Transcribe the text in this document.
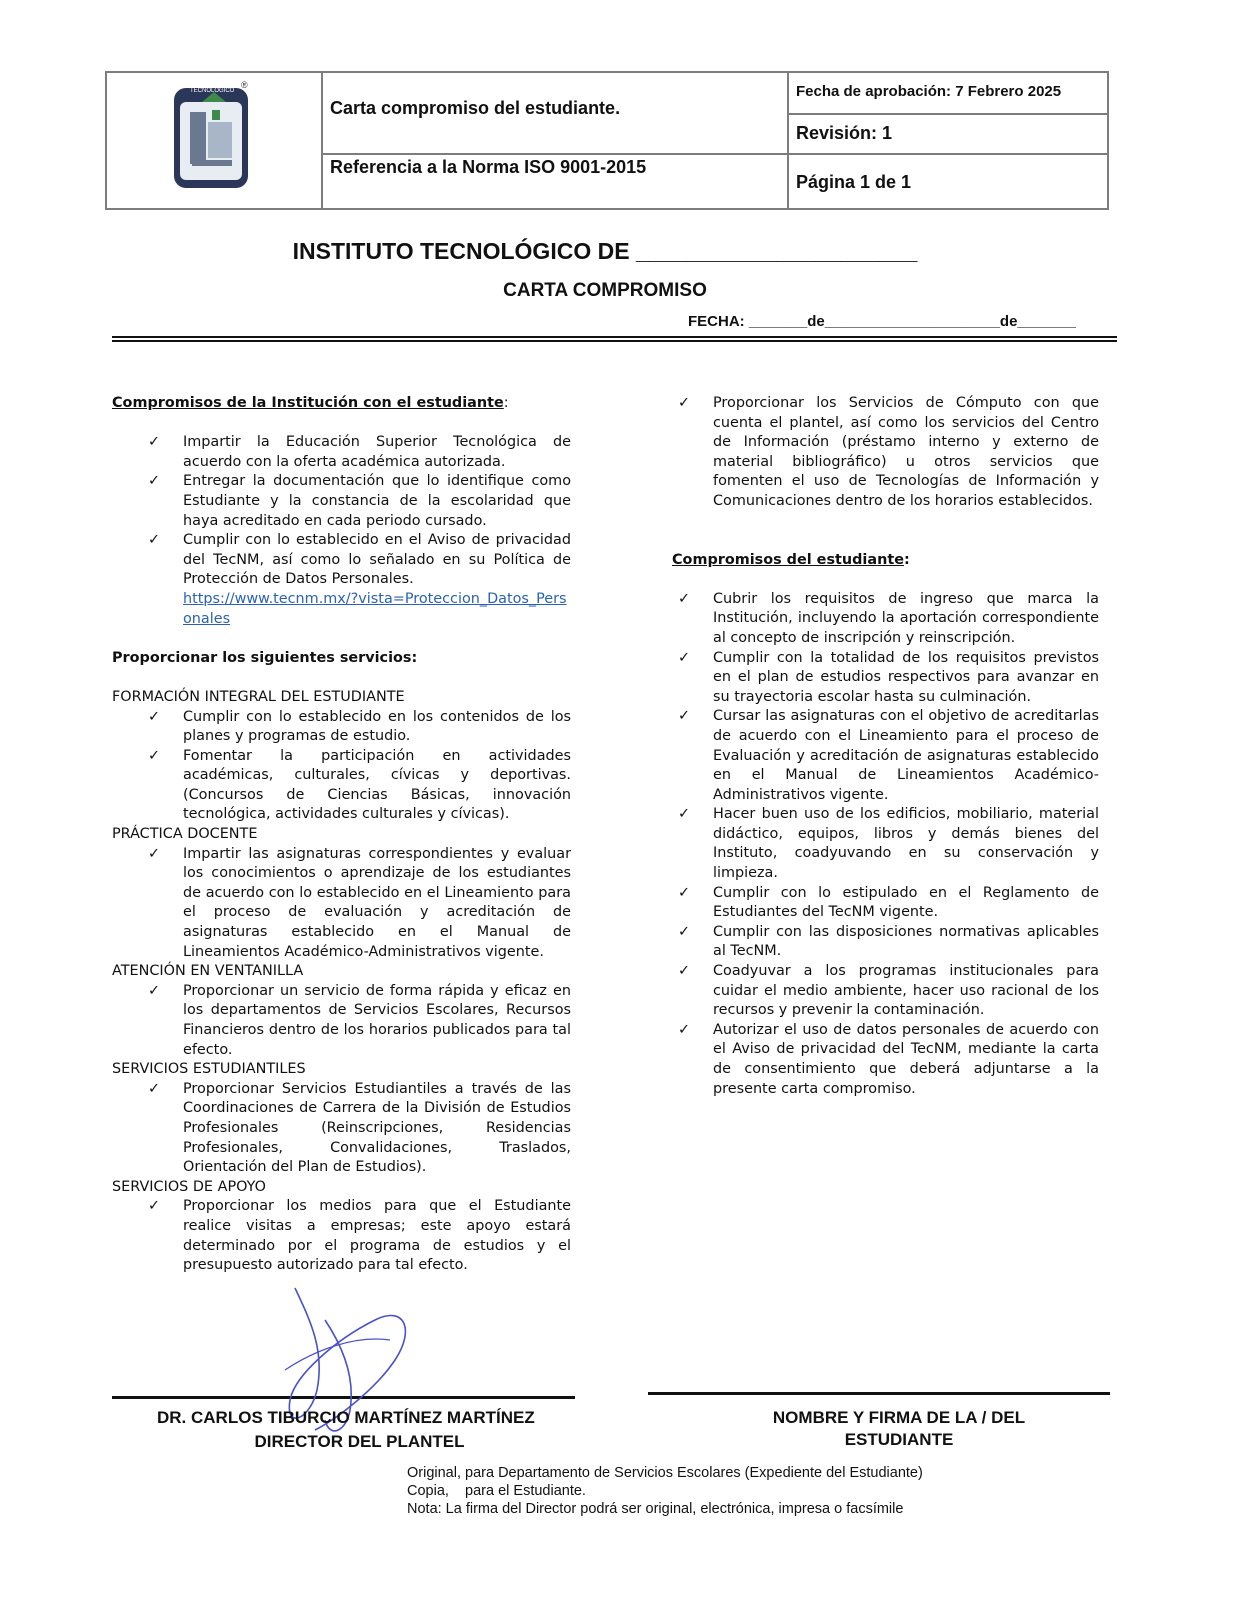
TECNOLÓGICO
®
Carta compromiso del estudiante.
Referencia a la Norma ISO 9001-2015
Fecha de aprobación: 7 Febrero 2025
Revisión: 1
Página 1 de 1
INSTITUTO TECNOLÓGICO DE ______________________
CARTA COMPROMISO
FECHA: _______de_____________________de_______
Compromisos de la Institución con el estudiante:
✓ Impartir la Educación Superior Tecnológica de acuerdo con la oferta académica autorizada.
✓ Entregar la documentación que lo identifique como Estudiante y la constancia de la escolaridad que haya acreditado en cada periodo cursado.
✓ Cumplir con lo establecido en el Aviso de privacidad del TecNM, así como lo señalado en su Política de Protección de Datos Personales.
https://www.tecnm.mx/?vista=Proteccion_Datos_Personales
Proporcionar los siguientes servicios:
FORMACIÓN INTEGRAL DEL ESTUDIANTE
✓ Cumplir con lo establecido en los contenidos de los planes y programas de estudio.
✓ Fomentar la participación en actividades académicas, culturales, cívicas y deportivas. (Concursos de Ciencias Básicas, innovación tecnológica, actividades culturales y cívicas).
PRÁCTICA DOCENTE
✓ Impartir las asignaturas correspondientes y evaluar los conocimientos o aprendizaje de los estudiantes de acuerdo con lo establecido en el Lineamiento para el proceso de evaluación y acreditación de asignaturas establecido en el Manual de Lineamientos Académico-Administrativos vigente.
ATENCIÓN EN VENTANILLA
✓ Proporcionar un servicio de forma rápida y eficaz en los departamentos de Servicios Escolares, Recursos Financieros dentro de los horarios publicados para tal efecto.
SERVICIOS ESTUDIANTILES
✓ Proporcionar Servicios Estudiantiles a través de las Coordinaciones de Carrera de la División de Estudios Profesionales (Reinscripciones, Residencias Profesionales, Convalidaciones, Traslados, Orientación del Plan de Estudios).
SERVICIOS DE APOYO
✓ Proporcionar los medios para que el Estudiante realice visitas a empresas; este apoyo estará determinado por el programa de estudios y el presupuesto autorizado para tal efecto.
✓ Proporcionar los Servicios de Cómputo con que cuenta el plantel, así como los servicios del Centro de Información (préstamo interno y externo de material bibliográfico) u otros servicios que fomenten el uso de Tecnologías de Información y Comunicaciones dentro de los horarios establecidos.
Compromisos del estudiante:
✓ Cubrir los requisitos de ingreso que marca la Institución, incluyendo la aportación correspondiente al concepto de inscripción y reinscripción.
✓ Cumplir con la totalidad de los requisitos previstos en el plan de estudios respectivos para avanzar en su trayectoria escolar hasta su culminación.
✓ Cursar las asignaturas con el objetivo de acreditarlas de acuerdo con el Lineamiento para el proceso de Evaluación y acreditación de asignaturas establecido en el Manual de Lineamientos Académico-Administrativos vigente.
✓ Hacer buen uso de los edificios, mobiliario, material didáctico, equipos, libros y demás bienes del Instituto, coadyuvando en su conservación y limpieza.
✓ Cumplir con lo estipulado en el Reglamento de Estudiantes del TecNM vigente.
✓ Cumplir con las disposiciones normativas aplicables al TecNM.
✓ Coadyuvar a los programas institucionales para cuidar el medio ambiente, hacer uso racional de los recursos y prevenir la contaminación.
✓ Autorizar el uso de datos personales de acuerdo con el Aviso de privacidad del TecNM, mediante la carta de consentimiento que deberá adjuntarse a la presente carta compromiso.
DR. CARLOS TIBURCIO MARTÍNEZ MARTÍNEZ
DIRECTOR DEL PLANTEL
NOMBRE Y FIRMA DE LA / DEL
ESTUDIANTE
Original, para Departamento de Servicios Escolares (Expediente del Estudiante)
Copia,    para el Estudiante.
Nota: La firma del Director podrá ser original, electrónica, impresa o facsímile
